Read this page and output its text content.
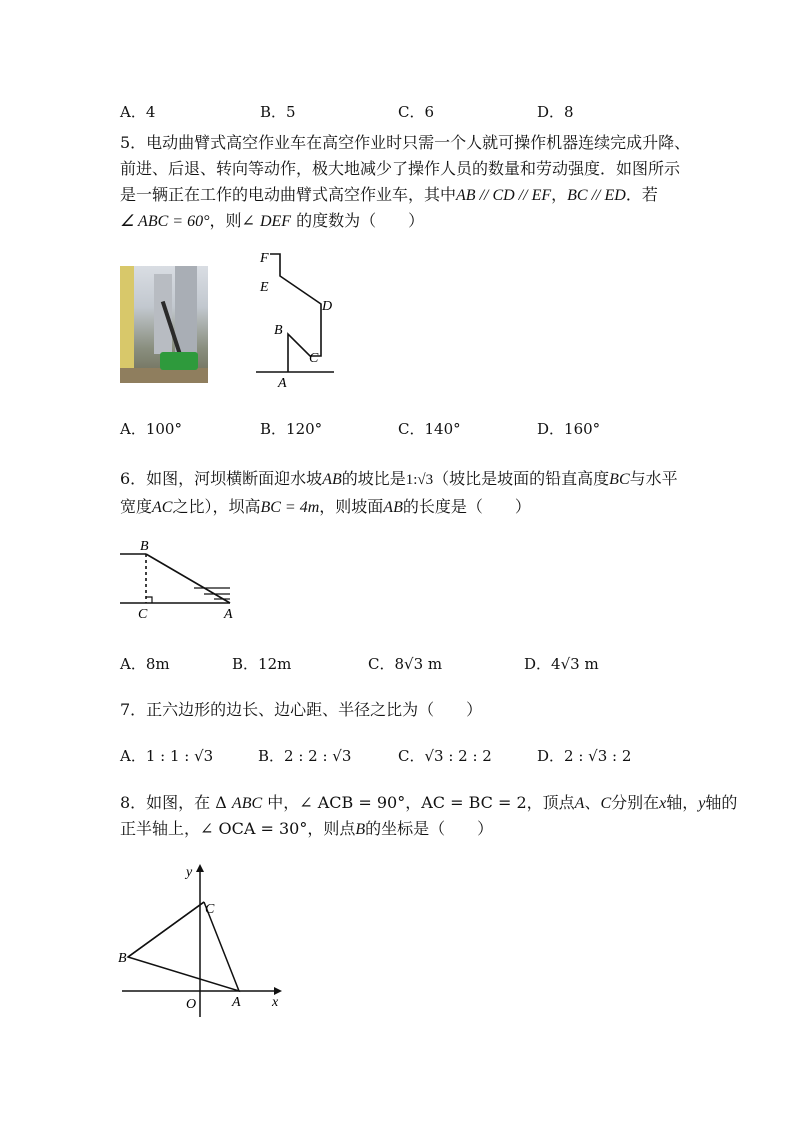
A．4	B．5	C．6	D．8
5．电动曲臂式高空作业车在高空作业时只需一个人就可操作机器连续完成升降、
前进、后退、转向等动作，极大地减少了操作人员的数量和劳动强度．如图所示
是一辆正在工作的电动曲臂式高空作业车，其中AB // CD // EF，BC // ED．若
∠ ABC = 60°，则∠ DEF 的度数为（　　）
F
E
D
B
C
A
A．100°	B．120°	C．140°	D．160°
6．如图，河坝横断面迎水坡AB的坡比是1:√3（坡比是坡面的铅直高度BC与水平
宽度AC之比），坝高BC = 4m，则坡面AB的长度是（　　）
B
C	A
A．8m	B．12m	C．8√3 m	D．4√3 m
7．正六边形的边长、边心距、半径之比为（　　）
A．1 : 1 : √3	B．2 : 2 : √3	C．√3 : 2 : 2	D．2 : √3 : 2
8．如图，在 Δ ABC 中，∠ ACB = 90°，AC = BC = 2，顶点A、C分别在x轴，y轴的
正半轴上，∠ OCA = 30°，则点B的坐标是（　　）
y
C
B
O	A x
